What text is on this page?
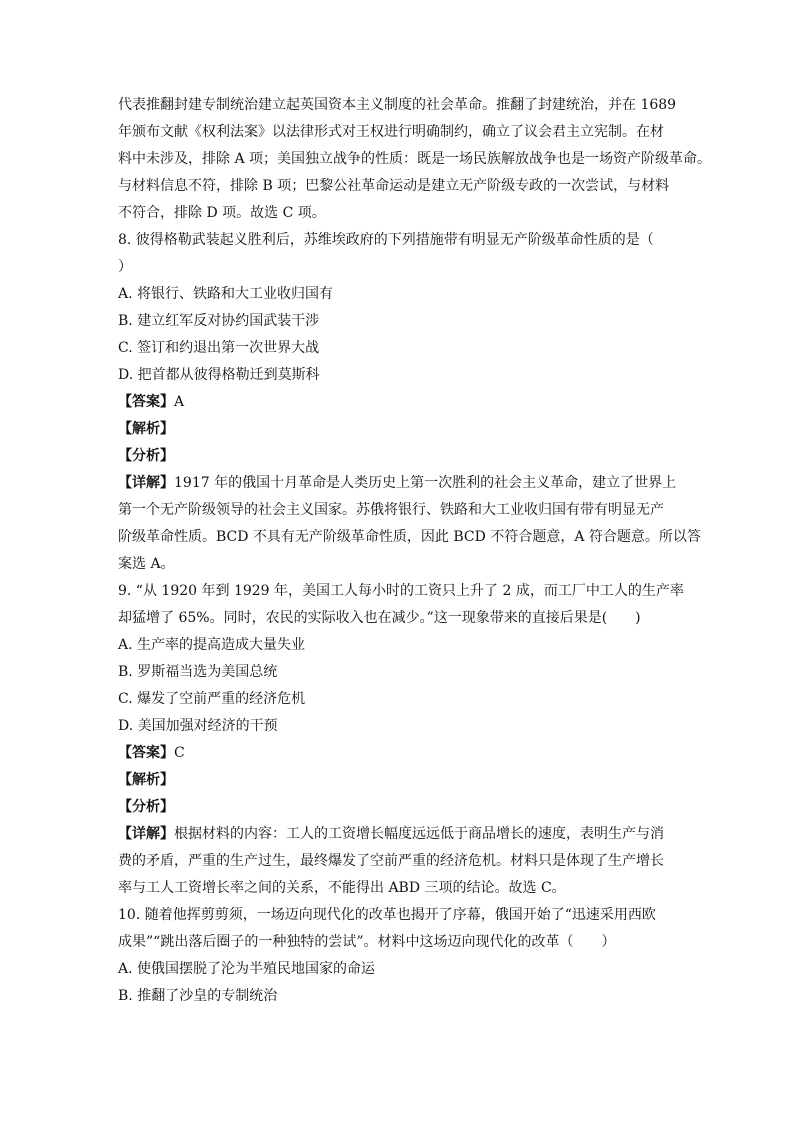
代表推翻封建专制统治建立起英国资本主义制度的社会革命。推翻了封建统治，并在 1689
年颁布文献《权利法案》以法律形式对王权进行明确制约，确立了议会君主立宪制。在材
料中未涉及，排除 A 项；美国独立战争的性质：既是一场民族解放战争也是一场资产阶级革命。
与材料信息不符，排除 B 项；巴黎公社革命运动是建立无产阶级专政的一次尝试，与材料
不符合，排除 D 项。故选 C 项。
8. 彼得格勒武装起义胜利后，苏维埃政府的下列措施带有明显无产阶级革命性质的是（
）
A. 将银行、铁路和大工业收归国有
B. 建立红军反对协约国武装干涉
C. 签订和约退出第一次世界大战
D. 把首都从彼得格勒迁到莫斯科
【答案】A
【解析】
【分析】
【详解】1917 年的俄国十月革命是人类历史上第一次胜利的社会主义革命，建立了世界上
第一个无产阶级领导的社会主义国家。苏俄将银行、铁路和大工业收归国有带有明显无产
阶级革命性质。BCD 不具有无产阶级革命性质，因此 BCD 不符合题意，A 符合题意。所以答
案选 A。
9. “从 1920 年到 1929 年，美国工人每小时的工资只上升了 2 成，而工厂中工人的生产率
却猛增了 65%。同时，农民的实际收入也在减少。”这一现象带来的直接后果是(　　)
A. 生产率的提高造成大量失业
B. 罗斯福当选为美国总统
C. 爆发了空前严重的经济危机
D. 美国加强对经济的干预
【答案】C
【解析】
【分析】
【详解】根据材料的内容：工人的工资增长幅度远远低于商品增长的速度，表明生产与消
费的矛盾，严重的生产过生，最终爆发了空前严重的经济危机。材料只是体现了生产增长
率与工人工资增长率之间的关系，不能得出 ABD 三项的结论。故选 C。
10. 随着他挥剪剪须，一场迈向现代化的改革也揭开了序幕，俄国开始了“迅速采用西欧
成果”“跳出落后圈子的一种独特的尝试”。材料中这场迈向现代化的改革（　　）
A. 使俄国摆脱了沦为半殖民地国家的命运
B. 推翻了沙皇的专制统治
